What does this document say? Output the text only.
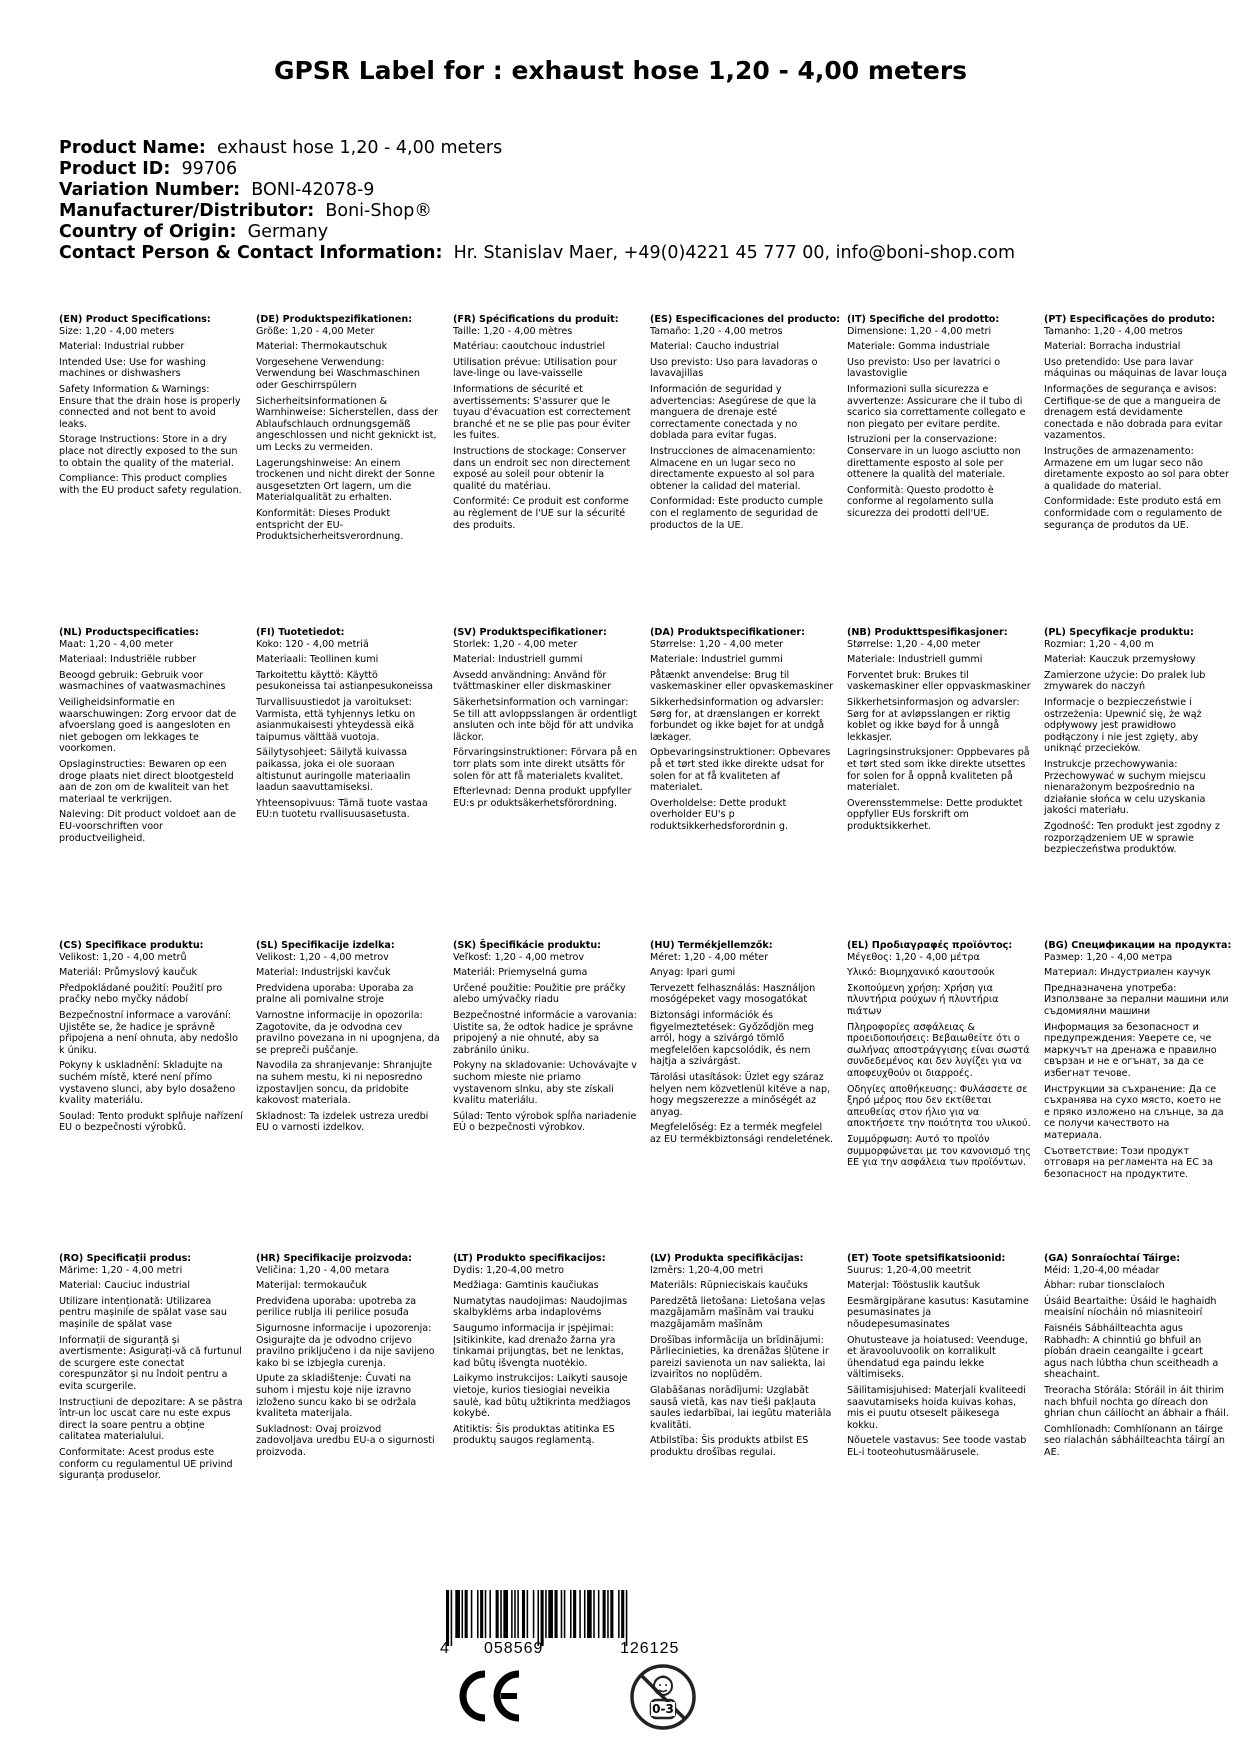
GPSR Label for : exhaust hose 1,20 - 4,00 meters
Product Name: exhaust hose 1,20 - 4,00 meters
Product ID: 99706
Variation Number: BONI-42078-9
Manufacturer/Distributor: Boni-Shop®
Country of Origin: Germany
Contact Person & Contact Information: Hr. Stanislav Maer, +49(0)4221 45 777 00, info@boni-shop.com
(EN) Product Specifications:
Size: 1,20 - 4,00 meters
Material: Industrial rubber
Intended Use: Use for washing machines or dishwashers
Safety Information & Warnings: Ensure that the drain hose is properly connected and not bent to avoid leaks.
Storage Instructions: Store in a dry place not directly exposed to the sun to obtain the quality of the material.
Compliance: This product complies with the EU product safety regulation.
(DE) Produktspezifikationen:
Größe: 1,20 - 4,00 Meter
Material: Thermokautschuk
Vorgesehene Verwendung: Verwendung bei Waschmaschinen oder Geschirrspülern
Sicherheitsinformationen & Warnhinweise: Sicherstellen, dass der Ablaufschlauch ordnungsgemäß angeschlossen und nicht geknickt ist, um Lecks zu vermeiden.
Lagerungshinweise: An einem trockenen und nicht direkt der Sonne ausgesetzten Ort lagern, um die Materialqualität zu erhalten.
Konformität: Dieses Produkt entspricht der EU-Produktsicherheitsverordnung.
(FR) Spécifications du produit:
Taille: 1,20 - 4,00 mètres
Matériau: caoutchouc industriel
Utilisation prévue: Utilisation pour lave-linge ou lave-vaisselle
Informations de sécurité et avertissements: S'assurer que le tuyau d'évacuation est correctement branché et ne se plie pas pour éviter les fuites.
Instructions de stockage: Conserver dans un endroit sec non directement exposé au soleil pour obtenir la qualité du matériau.
Conformité: Ce produit est conforme au règlement de l'UE sur la sécurité des produits.
(ES) Especificaciones del producto:
Tamaño: 1,20 - 4,00 metros
Material: Caucho industrial
Uso previsto: Uso para lavadoras o lavavajillas
Información de seguridad y advertencias: Asegúrese de que la manguera de drenaje esté correctamente conectada y no doblada para evitar fugas.
Instrucciones de almacenamiento: Almacene en un lugar seco no directamente expuesto al sol para obtener la calidad del material.
Conformidad: Este producto cumple con el reglamento de seguridad de productos de la UE.
(IT) Specifiche del prodotto:
Dimensione: 1,20 - 4,00 metri
Materiale: Gomma industriale
Uso previsto: Uso per lavatrici o lavastoviglie
Informazioni sulla sicurezza e avvertenze: Assicurare che il tubo di scarico sia correttamente collegato e non piegato per evitare perdite.
Istruzioni per la conservazione: Conservare in un luogo asciutto non direttamente esposto al sole per ottenere la qualità del materiale.
Conformità: Questo prodotto è conforme al regolamento sulla sicurezza dei prodotti dell'UE.
(PT) Especificações do produto:
Tamanho: 1,20 - 4,00 metros
Material: Borracha industrial
Uso pretendido: Use para lavar máquinas ou máquinas de lavar louça
Informações de segurança e avisos: Certifique-se de que a mangueira de drenagem está devidamente conectada e não dobrada para evitar vazamentos.
Instruções de armazenamento: Armazene em um lugar seco não diretamente exposto ao sol para obter a qualidade do material.
Conformidade: Este produto está em conformidade com o regulamento de segurança de produtos da UE.
(NL) Productspecificaties:
Maat: 1,20 - 4,00 meter
Materiaal: Industriële rubber
Beoogd gebruik: Gebruik voor wasmachines of vaatwasmachines
Veiligheidsinformatie en waarschuwingen: Zorg ervoor dat de afvoerslang goed is aangesloten en niet gebogen om lekkages te voorkomen.
Opslaginstructies: Bewaren op een droge plaats niet direct blootgesteld aan de zon om de kwaliteit van het materiaal te verkrijgen.
Naleving: Dit product voldoet aan de EU-voorschriften voor productveiligheid.
(FI) Tuotetiedot:
Koko: 120 - 4,00 metriä
Materiaali: Teollinen kumi
Tarkoitettu käyttö: Käyttö pesukoneissa tai astianpesukoneissa
Turvallisuustiedot ja varoitukset: Varmista, että tyhjennys letku on asianmukaisesti yhteydessä eikä taipumus välttää vuotoja.
Säilytysohjeet: Säilytä kuivassa paikassa, joka ei ole suoraan altistunut auringolle materiaalin laadun saavuttamiseksi.
Yhteensopivuus: Tämä tuote vastaa EU:n tuotetu rvallisuusasetusta.
(SV) Produktspecifikationer:
Storlek: 1,20 - 4,00 meter
Material: Industriell gummi
Avsedd användning: Använd för tvättmaskiner eller diskmaskiner
Säkerhetsinformation och varningar: Se till att avloppsslangen är ordentligt ansluten och inte böjd för att undvika läckor.
Förvaringsinstruktioner: Förvara på en torr plats som inte direkt utsätts för solen för att få materialets kvalitet.
Efterlevnad: Denna produkt uppfyller EU:s pr oduktsäkerhetsförordning.
(DA) Produktspecifikationer:
Størrelse: 1,20 - 4,00 meter
Materiale: Industriel gummi
Påtænkt anvendelse: Brug til vaskemaskiner eller opvaskemaskiner
Sikkerhedsinformation og advarsler: Sørg for, at drænslangen er korrekt forbundet og ikke bøjet for at undgå lækager.
Opbevaringsinstruktioner: Opbevares på et tørt sted ikke direkte udsat for solen for at få kvaliteten af materialet.
Overholdelse: Dette produkt overholder EU's p roduktsikkerhedsforordnin g.
(NB) Produkttspesifikasjoner:
Størrelse: 1,20 - 4,00 meter
Materiale: Industriell gummi
Forventet bruk: Brukes til vaskemaskiner eller oppvaskmaskiner
Sikkerhetsinformasjon og advarsler: Sørg for at avløpsslangen er riktig koblet og ikke bøyd for å unngå lekkasjer.
Lagringsinstruksjoner: Oppbevares på et tørt sted som ikke direkte utsettes for solen for å oppnå kvaliteten på materialet.
Overensstemmelse: Dette produktet oppfyller EUs forskrift om produktsikkerhet.
(PL) Specyfikacje produktu:
Rozmiar: 1,20 - 4,00 m
Materiał: Kauczuk przemysłowy
Zamierzone użycie: Do pralek lub zmywarek do naczyń
Informacje o bezpieczeństwie i ostrzeżenia: Upewnić się, że wąż odpływowy jest prawidłowo podłączony i nie jest zgięty, aby uniknąć przecieków.
Instrukcje przechowywania: Przechowywać w suchym miejscu nienarażonym bezpośrednio na działanie słońca w celu uzyskania jakości materiału.
Zgodność: Ten produkt jest zgodny z rozporządzeniem UE w sprawie bezpieczeństwa produktów.
(CS) Specifikace produktu:
Velikost: 1,20 - 4,00 metrů
Materiál: Průmyslový kaučuk
Předpokládané použití: Použití pro pračky nebo myčky nádobí
Bezpečnostní informace a varování: Ujistěte se, že hadice je správně připojena a není ohnuta, aby nedošlo k úniku.
Pokyny k uskladnění: Skladujte na suchém místě, které není přímo vystaveno slunci, aby bylo dosaženo kvality materiálu.
Soulad: Tento produkt splňuje nařízení EU o bezpečnosti výrobků.
(SL) Specifikacije izdelka:
Velikost: 1,20 - 4,00 metrov
Material: Industrijski kavčuk
Predvidena uporaba: Uporaba za pralne ali pomivalne stroje
Varnostne informacije in opozorila: Zagotovite, da je odvodna cev pravilno povezana in ni upognjena, da se prepreči puščanje.
Navodila za shranjevanje: Shranjujte na suhem mestu, ki ni neposredno izpostavljen soncu, da pridobite kakovost materiala.
Skladnost: Ta izdelek ustreza uredbi EU o varnosti izdelkov.
(SK) Špecifikácie produktu:
Veľkosť: 1,20 - 4,00 metrov
Materiál: Priemyselná guma
Určené použitie: Použitie pre práčky alebo umývačky riadu
Bezpečnostné informácie a varovania: Uistite sa, že odtok hadice je správne pripojený a nie ohnuté, aby sa zabránilo úniku.
Pokyny na skladovanie: Uchovávajte v suchom mieste nie priamo vystavenom slnku, aby ste získali kvalitu materiálu.
Súlad: Tento výrobok spĺňa nariadenie EÚ o bezpečnosti výrobkov.
(HU) Termékjellemzők:
Méret: 1,20 - 4,00 méter
Anyag: Ipari gumi
Tervezett felhasználás: Használjon mosógépeket vagy mosogatókat
Biztonsági információk és figyelmeztetések: Győződjön meg arról, hogy a szivárgó tömlő megfelelően kapcsolódik, és nem hajtja a szivárgást.
Tárolási utasítások: Üzlet egy száraz helyen nem közvetlenül kitéve a nap, hogy megszerezze a minőségét az anyag.
Megfelelőség: Ez a termék megfelel az EU termékbiztonsági rendeletének.
(EL) Προδιαγραφές προϊόντος:
Μέγεθος: 1,20 - 4,00 μέτρα
Υλικό: Βιομηχανικό καουτσούκ
Σκοπούμενη χρήση: Χρήση για πλυντήρια ρούχων ή πλυντήρια πιάτων
Πληροφορίες ασφάλειας & προειδοποιήσεις: Βεβαιωθείτε ότι ο σωλήνας αποστράγγισης είναι σωστά συνδεδεμένος και δεν λυγίζει για να αποφευχθούν οι διαρροές.
Οδηγίες αποθήκευσης: Φυλάσσετε σε ξηρό μέρος που δεν εκτίθεται απευθείας στον ήλιο για να αποκτήσετε την ποιότητα του υλικού.
Συμμόρφωση: Αυτό το προϊόν συμμορφώνεται με τον κανονισμό της ΕΕ για την ασφάλεια των προϊόντων.
(BG) Спецификации на продукта:
Размер: 1,20 - 4,00 метра
Материал: Индустриален каучук
Предназначена употреба: Използване за перални машини или съдомиялни машини
Информация за безопасност и предупреждения: Уверете се, че маркучът на дренажа е правилно свързан и не е огънат, за да се избегнат течове.
Инструкции за съхранение: Да се съхранява на сухо място, което не е пряко изложено на слънце, за да се получи качеството на материала.
Съответствие: Този продукт отговаря на регламента на ЕС за безопасност на продуктите.
(RO) Specificații produs:
Mărime: 1,20 - 4,00 metri
Material: Cauciuc industrial
Utilizare intenționată: Utilizarea pentru mașinile de spălat vase sau mașinile de spălat vase
Informații de siguranță și avertismente: Asigurați-vă că furtunul de scurgere este conectat corespunzător și nu îndoit pentru a evita scurgerile.
Instrucțiuni de depozitare: A se păstra într-un loc uscat care nu este expus direct la soare pentru a obține calitatea materialului.
Conformitate: Acest produs este conform cu regulamentul UE privind siguranța produselor.
(HR) Specifikacije proizvoda:
Veličina: 1,20 - 4,00 metara
Materijal: termokaučuk
Predviđena uporaba: upotreba za perilice rublja ili perilice posuđa
Sigurnosne informacije i upozorenja: Osigurajte da je odvodno crijevo pravilno priključeno i da nije savijeno kako bi se izbjegla curenja.
Upute za skladištenje: Čuvati na suhom i mjestu koje nije izravno izloženo suncu kako bi se održala kvaliteta materijala.
Sukladnost: Ovaj proizvod zadovoljava uredbu EU-a o sigurnosti proizvoda.
(LT) Produkto specifikacijos:
Dydis: 1,20-4,00 metro
Medžiaga: Gamtinis kaučiukas
Numatytas naudojimas: Naudojimas skalbyklėms arba indaplovėms
Saugumo informacija ir įspėjimai: Įsitikinkite, kad drenažo žarna yra tinkamai prijungtas, bet ne lenktas, kad būtų išvengta nuotėkio.
Laikymo instrukcijos: Laikyti sausoje vietoje, kurios tiesiogiai neveikia saulė, kad būtų užtikrinta medžiagos kokybė.
Atitiktis: Šis produktas atitinka ES produktų saugos reglamentą.
(LV) Produkta specifikācijas:
Izmērs: 1,20-4,00 metri
Materiāls: Rūpnieciskais kaučuks
Paredzētā lietošana: Lietošana veļas mazgājamām mašīnām vai trauku mazgājamām mašīnām
Drošības informācija un brīdinājumi: Pārliecinieties, ka drenāžas šļūtene ir pareizi savienota un nav saliekta, lai izvairītos no noplūdēm.
Glabāšanas norādījumi: Uzglabāt sausā vietā, kas nav tieši pakļauta saules iedarbībai, lai iegūtu materiāla kvalitāti.
Atbilstība: Šis produkts atbilst ES produktu drošības regulai.
(ET) Toote spetsifikatsioonid:
Suurus: 1,20-4,00 meetrit
Materjal: Tööstuslik kautšuk
Eesmärgipärane kasutus: Kasutamine pesumasinates ja nõudepesumasinates
Ohutusteave ja hoiatused: Veenduge, et äravooluvoolik on korralikult ühendatud ega paindu lekke vältimiseks.
Säilitamisjuhised: Materjali kvaliteedi saavutamiseks hoida kuivas kohas, mis ei puutu otseselt päikesega kokku.
Nõuetele vastavus: See toode vastab EL-i tooteohutusmäärusele.
(GA) Sonraíochtaí Táirge:
Méid: 1,20-4,00 méadar
Ábhar: rubar tionsclaíoch
Úsáid Beartaithe: Úsáid le haghaidh meaisíní níocháin nó miasniteoirí
Faisnéis Sábháilteachta agus Rabhadh: A chinntiú go bhfuil an píobán draein ceangailte i gceart agus nach lúbtha chun sceitheadh a sheachaint.
Treoracha Stórála: Stóráil in áit thirim nach bhfuil nochta go díreach don ghrian chun cáilíocht an ábhair a fháil.
Comhlíonadh: Comhlíonann an táirge seo rialachán sábháilteachta táirgí an AE.
4 058569	126125
0-3
